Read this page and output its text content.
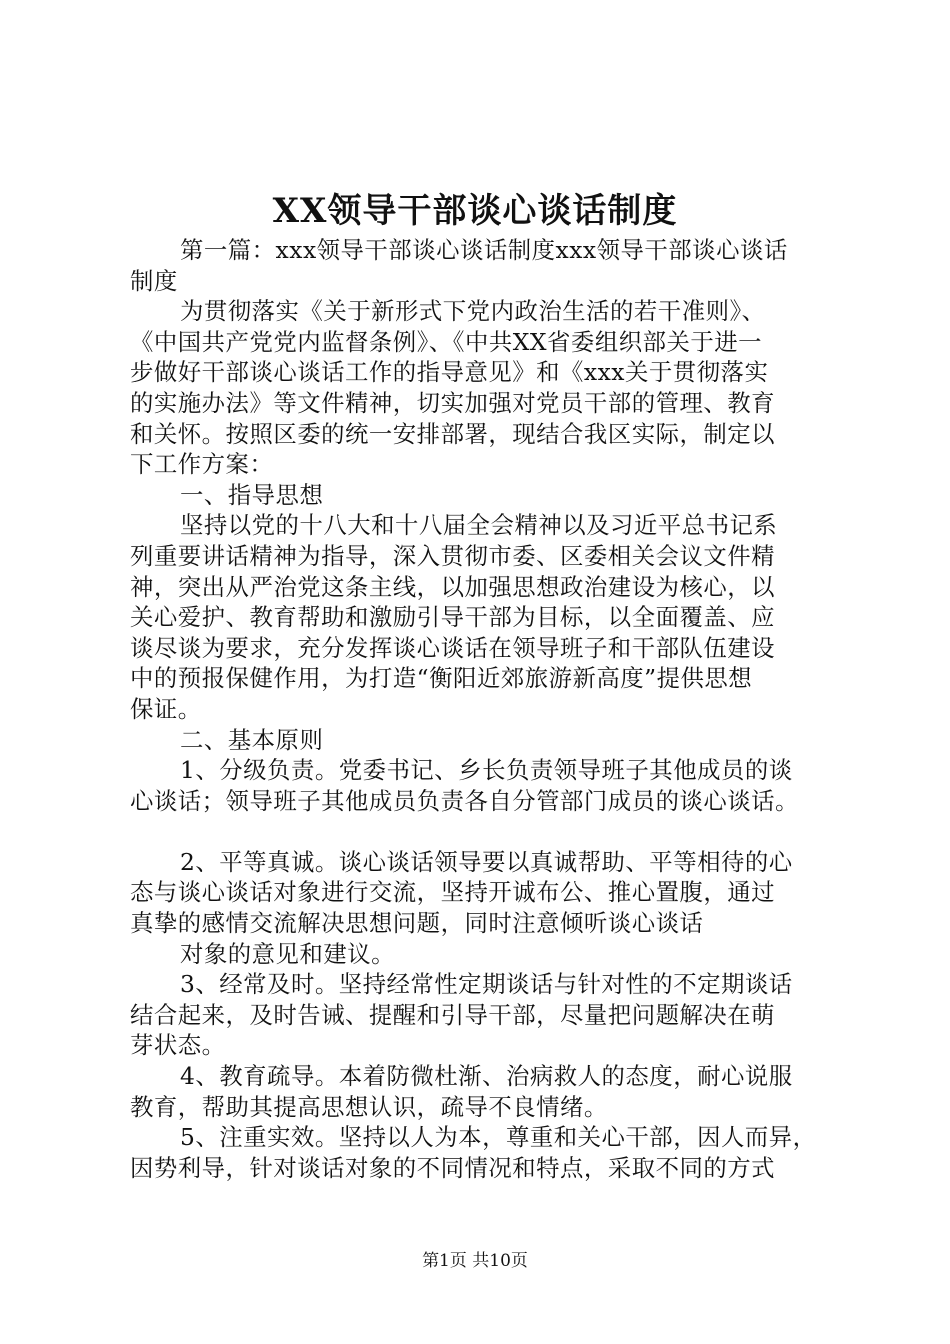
XX领导干部谈心谈话制度

第一篇：xxx领导干部谈心谈话制度xxx领导干部谈心谈话

制度

为贯彻落实《关于新形式下党内政治生活的若干准则》、

《中国共产党党内监督条例》、《中共XX省委组织部关于进一

步做好干部谈心谈话工作的指导意见》和《xxx关于贯彻落实

的实施办法》等文件精神，切实加强对党员干部的管理、教育

和关怀。按照区委的统一安排部署，现结合我区实际，制定以

下工作方案：

一、指导思想

坚持以党的十八大和十八届全会精神以及习近平总书记系

列重要讲话精神为指导，深入贯彻市委、区委相关会议文件精

神，突出从严治党这条主线，以加强思想政治建设为核心，以

关心爱护、教育帮助和激励引导干部为目标，以全面覆盖、应

谈尽谈为要求，充分发挥谈心谈话在领导班子和干部队伍建设

中的预报保健作用，为打造“衡阳近郊旅游新高度”提供思想

保证。

二、基本原则

1、分级负责。党委书记、乡长负责领导班子其他成员的谈

心谈话；领导班子其他成员负责各自分管部门成员的谈心谈话。

2、平等真诚。谈心谈话领导要以真诚帮助、平等相待的心

态与谈心谈话对象进行交流，坚持开诚布公、推心置腹，通过

真挚的感情交流解决思想问题，同时注意倾听谈心谈话

对象的意见和建议。

3、经常及时。坚持经常性定期谈话与针对性的不定期谈话

结合起来，及时告诫、提醒和引导干部，尽量把问题解决在萌

芽状态。

4、教育疏导。本着防微杜渐、治病救人的态度，耐心说服

教育，帮助其提高思想认识，疏导不良情绪。

5、注重实效。坚持以人为本，尊重和关心干部，因人而异，

因势利导，针对谈话对象的不同情况和特点，采取不同的方式

第1页 共10页
